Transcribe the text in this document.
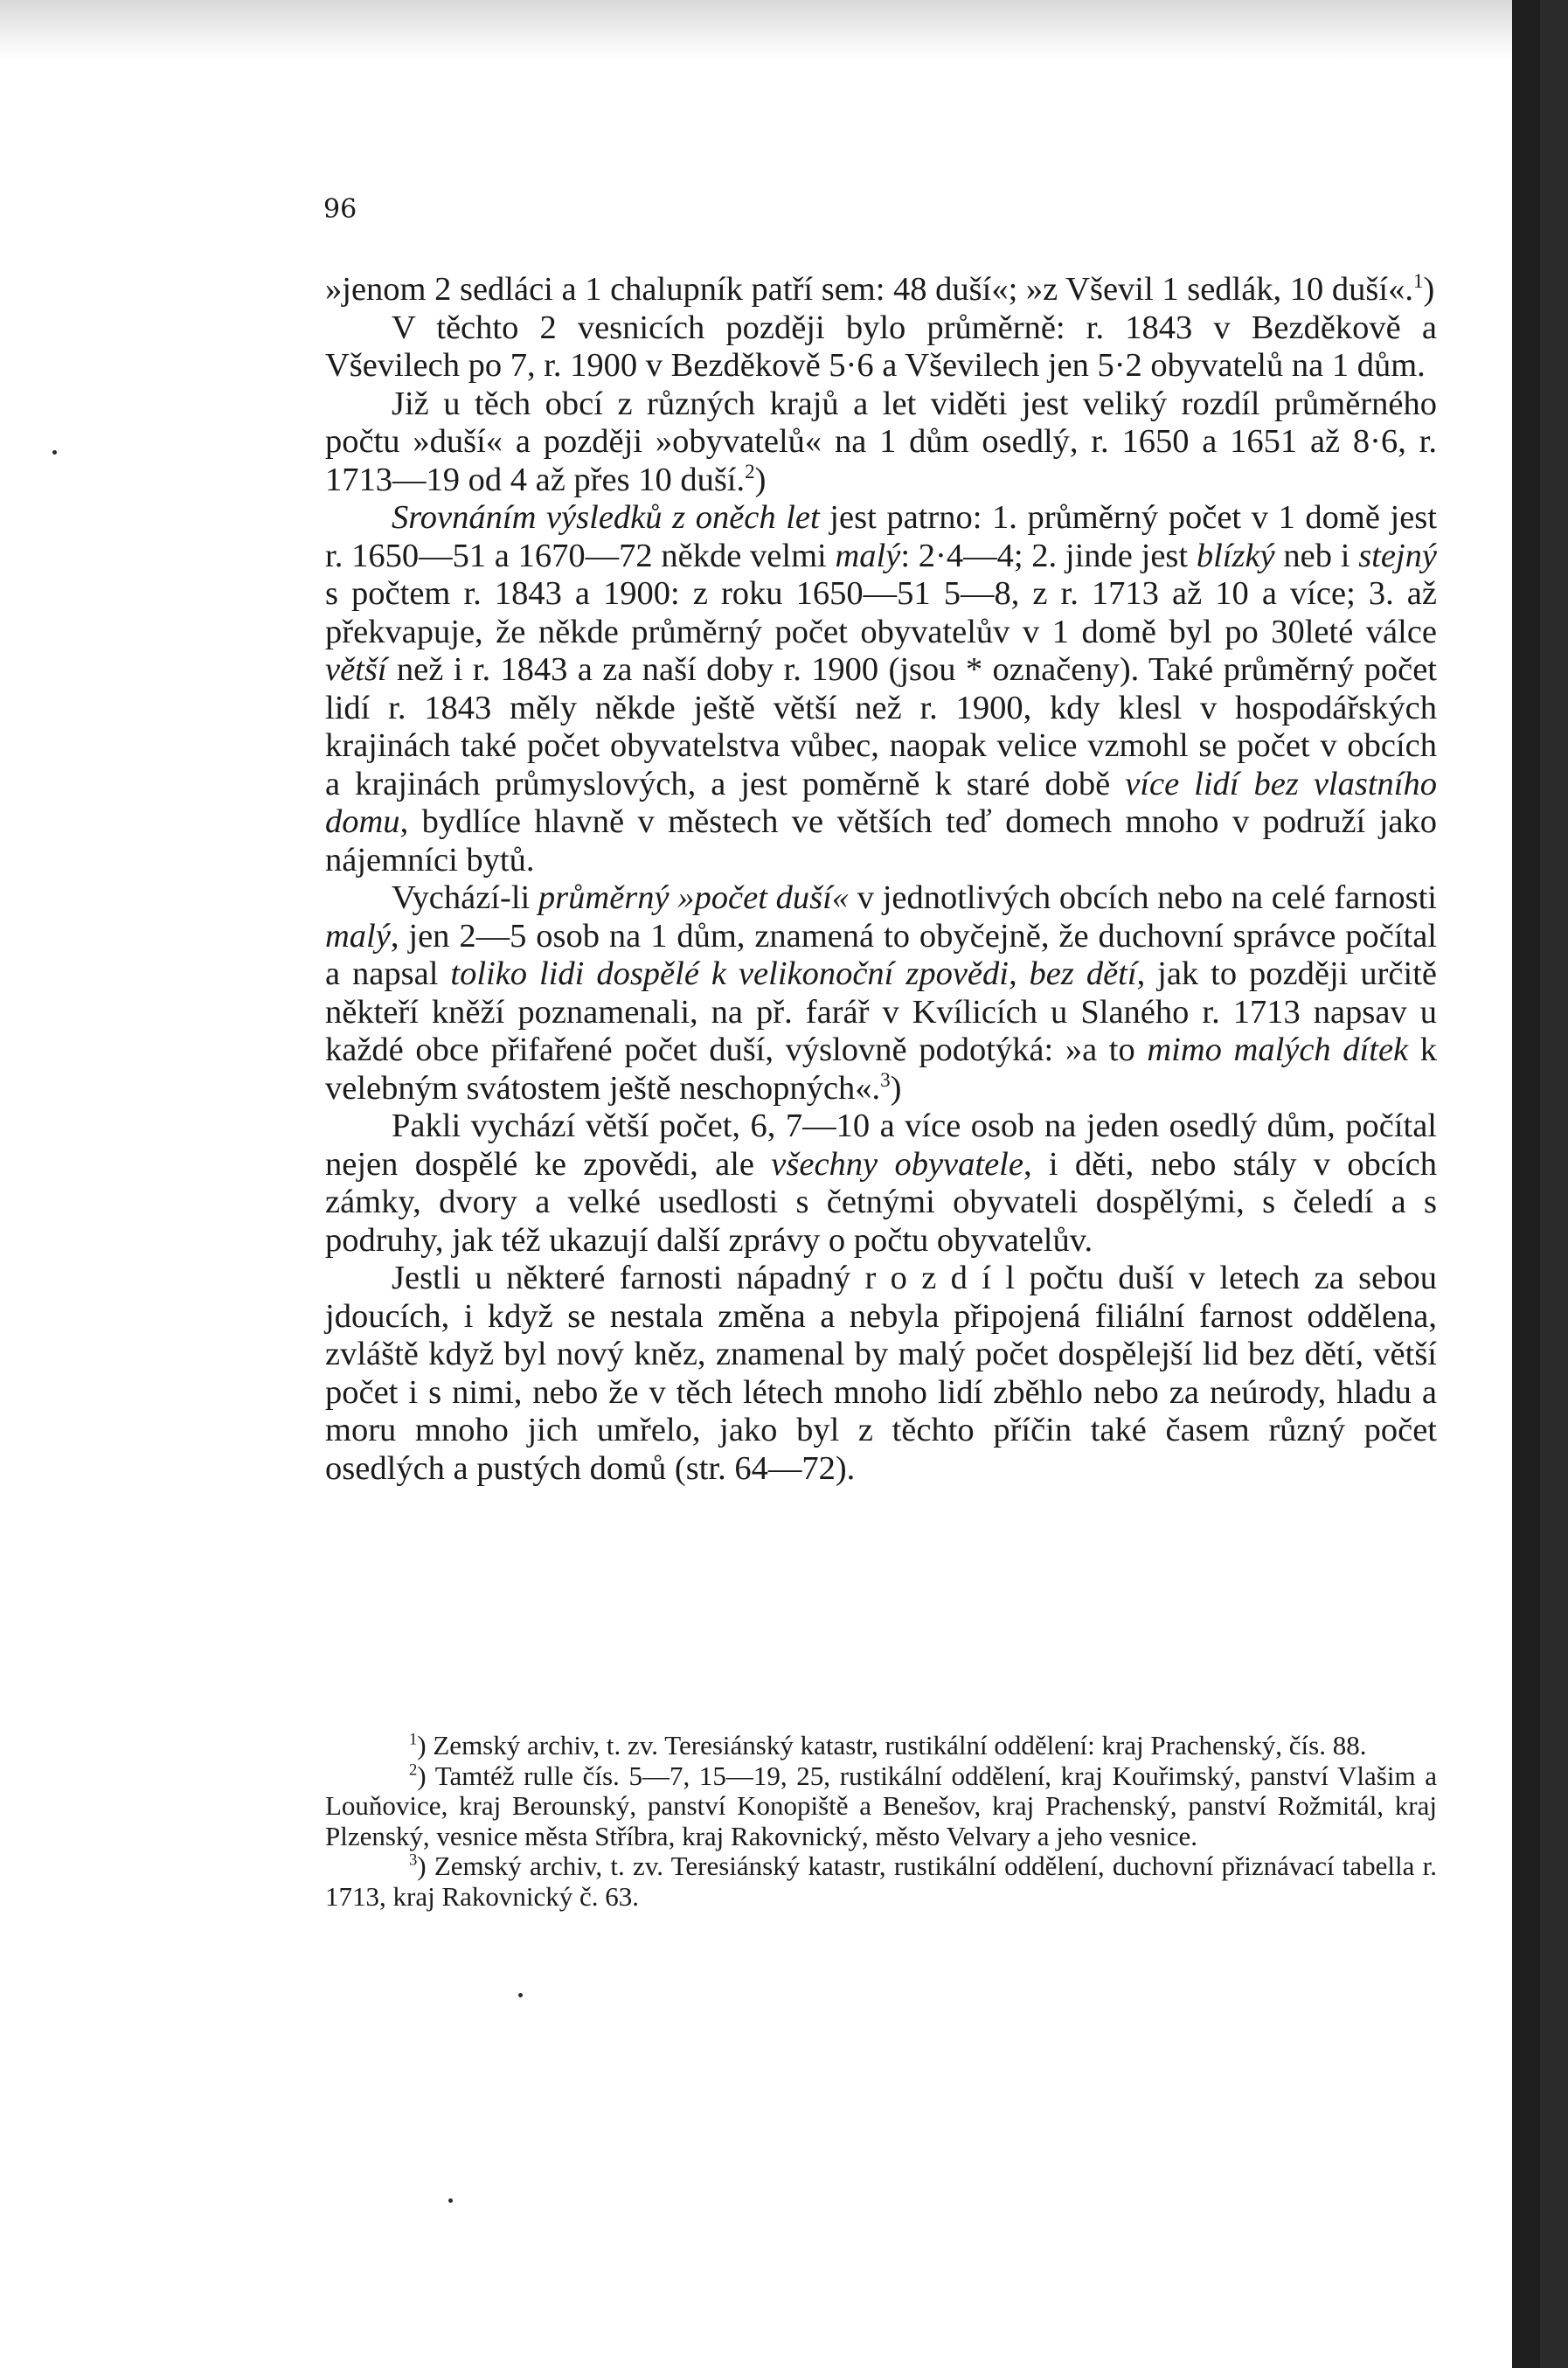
96

»jenom 2 sedláci a 1 chalupník patří sem: 48 duší«; »z Vševil 1 sedlák, 10 duší«.$^1$)

V těchto 2 vesnicích později bylo průměrně: r. 1843 v Bezděkově a Vševilech po 7, r. 1900 v Bezděkově 5·6 a Vševilech jen 5·2 obyvatelů na 1 dům.

Již u těch obcí z různých krajů a let viděti jest veliký rozdíl průměrného počtu »duší« a později »obyvatelů« na 1 dům osedlý, r. 1650 a 1651 až 8·6, r. 1713—19 od 4 až přes 10 duší.$^2$)

Srovnáním výsledků z oněch let jest patrno: 1. průměrný počet v 1 domě jest r. 1650—51 a 1670—72 někde velmi malý: 2·4—4; 2. jinde jest blízký neb i stejný s počtem r. 1843 a 1900: z roku 1650—51 5—8, z r. 1713 až 10 a více; 3. až překvapuje, že někde průměrný počet obyvatelův v 1 domě byl po 30leté válce větší než i r. 1843 a za naší doby r. 1900 (jsou * označeny). Také průměrný počet lidí r. 1843 měly někde ještě větší než r. 1900, kdy klesl v hospodářských krajinách také počet obyvatelstva vůbec, naopak velice vzmohl se počet v obcích a krajinách průmyslových, a jest poměrně k staré době více lidí bez vlastního domu, bydlíce hlavně v městech ve větších teď domech mnoho v podruží jako nájemníci bytů.

Vychází-li průměrný »počet duší« v jednotlivých obcích nebo na celé farnosti malý, jen 2—5 osob na 1 dům, znamená to obyčejně, že duchovní správce počítal a napsal toliko lidi dospělé k velikonoční zpovědi, bez dětí, jak to později určitě někteří kněží poznamenali, na př. farář v Kvílicích u Slaného r. 1713 napsav u každé obce přifařené počet duší, výslovně podotýká: »a to mimo malých dítek k velebným svátostem ještě neschopných«.$^3$)

Pakli vychází větší počet, 6, 7—10 a více osob na jeden osedlý dům, počítal nejen dospělé ke zpovědi, ale všechny obyvatele, i děti, nebo stály v obcích zámky, dvory a velké usedlosti s četnými obyvateli dospělými, s čeledí a s podruhy, jak též ukazují další zprávy o počtu obyvatelův.

Jestli u některé farnosti nápadný r o z d í l počtu duší v letech za sebou jdoucích, i když se nestala změna a nebyla připojená filiální farnost oddělena, zvláště když byl nový kněz, znamenal by malý počet dospělejší lid bez dětí, větší počet i s nimi, nebo že v těch létech mnoho lidí zběhlo nebo za neúrody, hladu a moru mnoho jich umřelo, jako byl z těchto příčin také časem různý počet osedlých a pustých domů (str. 64—72).

$^1$) Zemský archiv, t. zv. Teresiánský katastr, rustikální oddělení: kraj Prachenský, čís. 88.

$^2$) Tamtéž rulle čís. 5—7, 15—19, 25, rustikální oddělení, kraj Kouřimský, panství Vlašim a Louňovice, kraj Berounský, panství Konopiště a Benešov, kraj Prachenský, panství Rožmitál, kraj Plzenský, vesnice města Stříbra, kraj Rakovnický, město Velvary a jeho vesnice.

$^3$) Zemský archiv, t. zv. Teresiánský katastr, rustikální oddělení, duchovní přiznávací tabella r. 1713, kraj Rakovnický č. 63.
